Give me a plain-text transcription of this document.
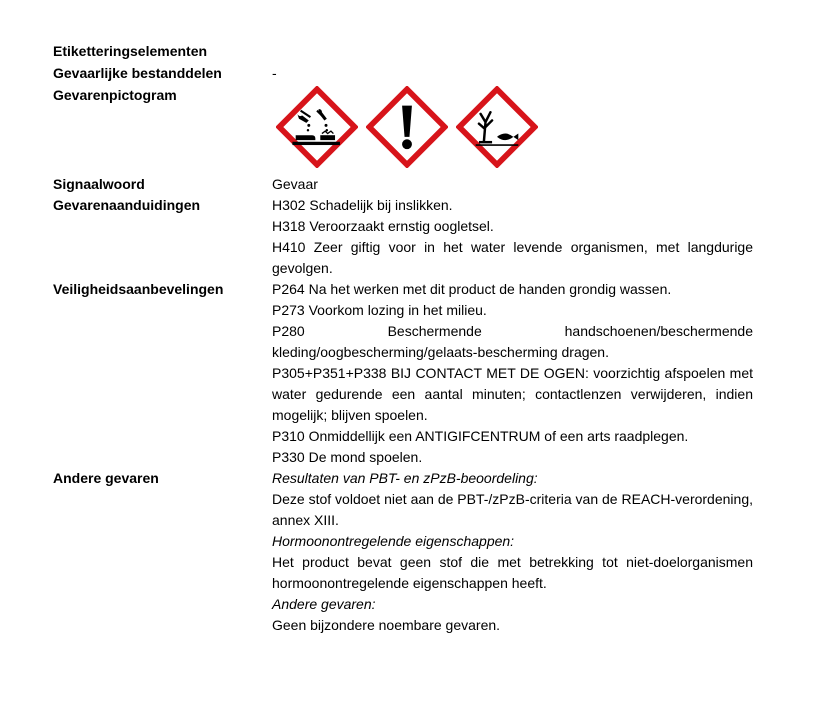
Etiketteringselementen
Gevaarlijke bestanddelen	-
Gevarenpictogram
Signaalwoord	Gevaar
Gevarenaanduidingen	H302 Schadelijk bij inslikken.

H318 Veroorzaakt ernstig oogletsel.

H410 Zeer giftig voor in het water levende organismen, met langdurige gevolgen.

Veiligheidsaanbevelingen	P264 Na het werken met dit product de handen grondig wassen.

P273 Voorkom lozing in het milieu.

P280 Beschermende handschoenen/beschermende kleding/oogbescherming/gelaats-bescherming dragen.

P305+P351+P338 BIJ CONTACT MET DE OGEN: voorzichtig afspoelen met water gedurende een aantal minuten; contactlenzen verwijderen, indien mogelijk; blijven spoelen.

P310 Onmiddellijk een ANTIGIFCENTRUM of een arts raadplegen.

P330 De mond spoelen.

Andere gevaren	Resultaten van PBT- en zPzB-beoordeling:

Deze stof voldoet niet aan de PBT-/zPzB-criteria van de REACH-verordening, annex XIII.

Hormoonontregelende eigenschappen:

Het product bevat geen stof die met betrekking tot niet-doelorganismen hormoonontregelende eigenschappen heeft.

Andere gevaren:

Geen bijzondere noembare gevaren.
